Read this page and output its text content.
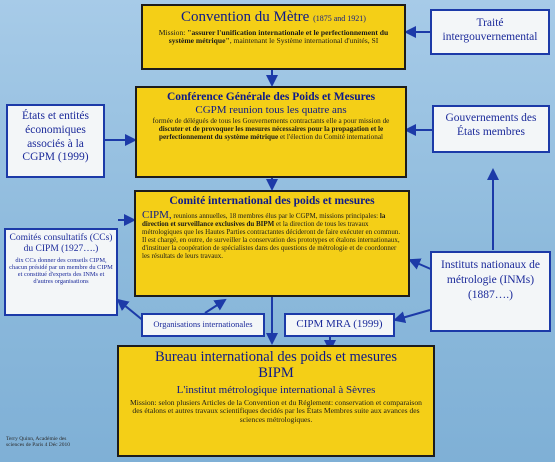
Convention du Mètre (1875 and 1921)
Mission: "assurer l'unification internationale et le perfectionnement du système métrique", maintenant le Système international d'unités, SI
Traité intergouvernemental
Conférence Générale des Poids et Mesures
CGPM reunion tous les quatre ans
formée de délégués de tous les Gouvernements contractants elle a pour mission de discuter et de provoquer les mesures nécessaires pour la propagation et le perfectionnement du système métrique et l'élection du Comité international
États et entités économiques associés à la CGPM (1999)
Gouvernements des États membres
Comité international des poids et mesures
CIPM, reunions annuelles, 18 membres élus par le CGPM, missions principales: la direction et surveillance exclusives du BIPM et la direction de tous les travaux métrologiques que les Hautes Parties contractantes décideront de faire exécuter en commun. Il est chargé, en outre, de surveiller la conservation des prototypes et étalons internationaux, d'instituer la coopération de spécialistes dans des questions de métrologie et de coordonner les résultats de leurs travaux.
Comités consultatifs (CCs) du CIPM (1927….)
dix CCs donner des conseils CIPM, chacun présidé par un membre du CIPM et constitué d'experts des INMs et d'autres organisations
Instituts nationaux de métrologie (INMs) (1887….)
Organisations internationales	CIPM MRA (1999)
Bureau international des poids et mesures
BIPM
L'institut métrologique international à Sèvres
Mission: selon plusiers Articles de la Convention et du Réglement: conservation et comparaison des étalons et autres travaux scientifiques decidés par les États Membres suite aux avances des sciences métrologiques.
Terry Quinn, Académie des sciences de Paris 4 Déc 2010
